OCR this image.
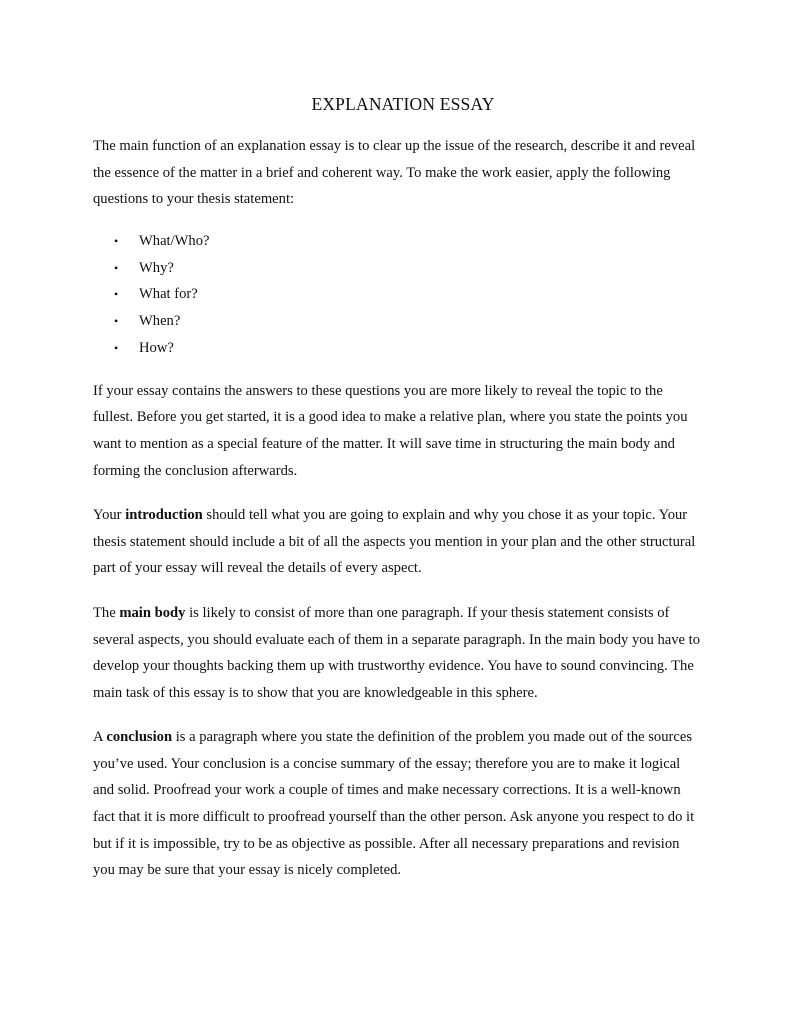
EXPLANATION ESSAY

The main function of an explanation essay is to clear up the issue of the research, describe it and reveal the essence of the matter in a brief and coherent way. To make the work easier, apply the following questions to your thesis statement:

• What/Who?
• Why?
• What for?
• When?
• How?

If your essay contains the answers to these questions you are more likely to reveal the topic to the fullest. Before you get started, it is a good idea to make a relative plan, where you state the points you want to mention as a special feature of the matter. It will save time in structuring the main body and forming the conclusion afterwards.

Your introduction should tell what you are going to explain and why you chose it as your topic. Your thesis statement should include a bit of all the aspects you mention in your plan and the other structural part of your essay will reveal the details of every aspect.

The main body is likely to consist of more than one paragraph. If your thesis statement consists of several aspects, you should evaluate each of them in a separate paragraph. In the main body you have to develop your thoughts backing them up with trustworthy evidence. You have to sound convincing. The main task of this essay is to show that you are knowledgeable in this sphere.

A conclusion is a paragraph where you state the definition of the problem you made out of the sources you’ve used. Your conclusion is a concise summary of the essay; therefore you are to make it logical and solid. Proofread your work a couple of times and make necessary corrections. It is a well-known fact that it is more difficult to proofread yourself than the other person. Ask anyone you respect to do it but if it is impossible, try to be as objective as possible. After all necessary preparations and revision you may be sure that your essay is nicely completed.
